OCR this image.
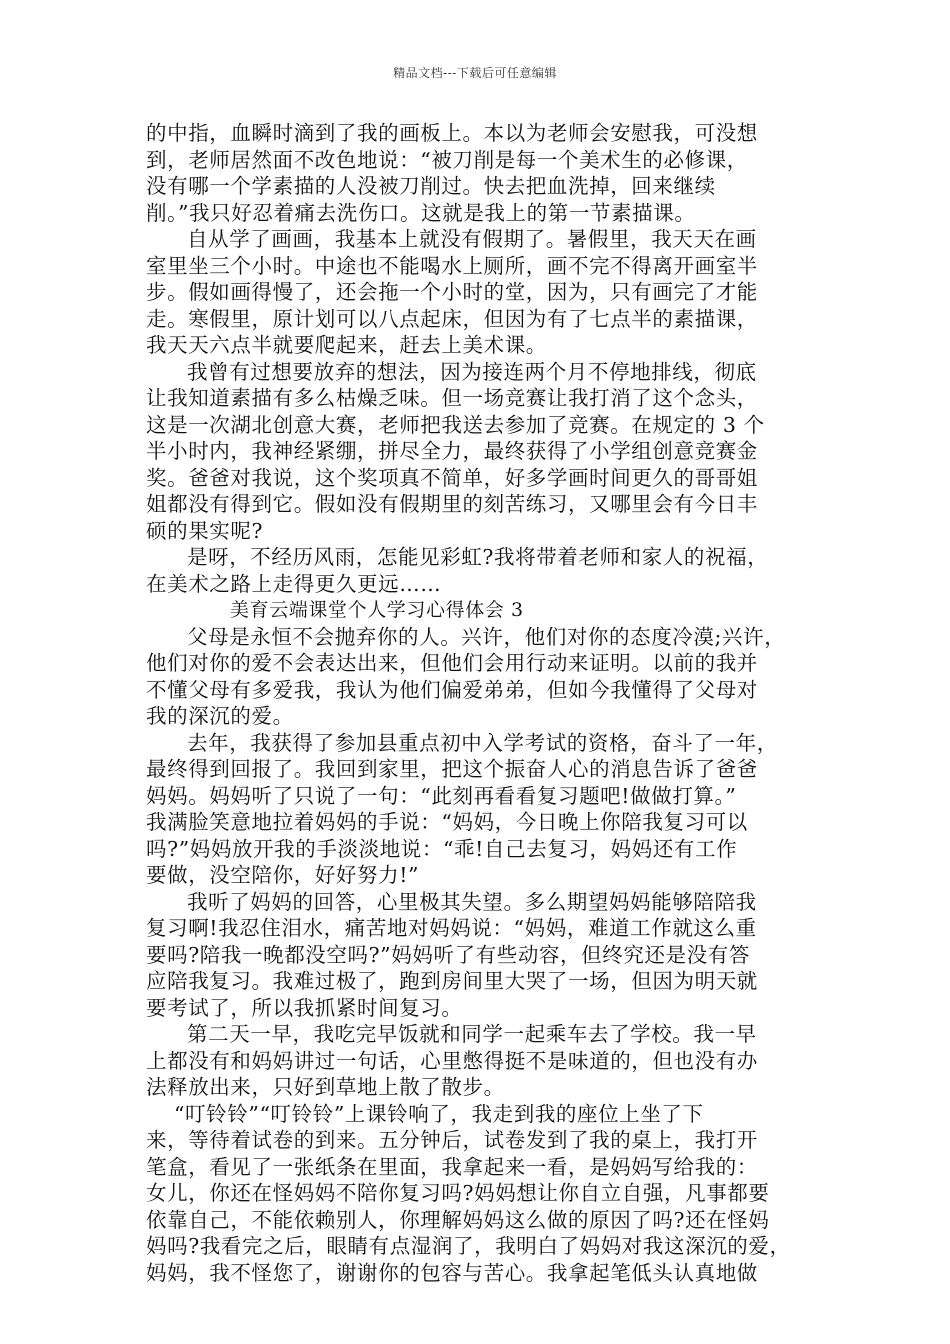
精品文档---下载后可任意编辑
的中指，血瞬时滴到了我的画板上。本以为老师会安慰我，可没想
到，老师居然面不改色地说：“被刀削是每一个美术生的必修课，
没有哪一个学素描的人没被刀削过。快去把血洗掉，回来继续
削。”我只好忍着痛去洗伤口。这就是我上的第一节素描课。
自从学了画画，我基本上就没有假期了。暑假里，我天天在画
室里坐三个小时。中途也不能喝水上厕所，画不完不得离开画室半
步。假如画得慢了，还会拖一个小时的堂，因为，只有画完了才能
走。寒假里，原计划可以八点起床，但因为有了七点半的素描课，
我天天六点半就要爬起来，赶去上美术课。
我曾有过想要放弃的想法，因为接连两个月不停地排线，彻底
让我知道素描有多么枯燥乏味。但一场竞赛让我打消了这个念头，
这是一次湖北创意大赛，老师把我送去参加了竞赛。在规定的 3 个
半小时内，我神经紧绷，拼尽全力，最终获得了小学组创意竞赛金
奖。爸爸对我说，这个奖项真不简单，好多学画时间更久的哥哥姐
姐都没有得到它。假如没有假期里的刻苦练习，又哪里会有今日丰
硕的果实呢?
是呀，不经历风雨，怎能见彩虹?我将带着老师和家人的祝福，
在美术之路上走得更久更远……
美育云端课堂个人学习心得体会 3
父母是永恒不会抛弃你的人。兴许，他们对你的态度冷漠;兴许，
他们对你的爱不会表达出来，但他们会用行动来证明。以前的我并
不懂父母有多爱我，我认为他们偏爱弟弟，但如今我懂得了父母对
我的深沉的爱。
去年，我获得了参加县重点初中入学考试的资格，奋斗了一年，
最终得到回报了。我回到家里，把这个振奋人心的消息告诉了爸爸
妈妈。妈妈听了只说了一句：“此刻再看看复习题吧!做做打算。”
我满脸笑意地拉着妈妈的手说：“妈妈，今日晚上你陪我复习可以
吗?”妈妈放开我的手淡淡地说：“乖!自己去复习，妈妈还有工作
要做，没空陪你，好好努力!”
我听了妈妈的回答，心里极其失望。多么期望妈妈能够陪陪我
复习啊!我忍住泪水，痛苦地对妈妈说：“妈妈，难道工作就这么重
要吗?陪我一晚都没空吗?”妈妈听了有些动容，但终究还是没有答
应陪我复习。我难过极了，跑到房间里大哭了一场，但因为明天就
要考试了，所以我抓紧时间复习。
第二天一早，我吃完早饭就和同学一起乘车去了学校。我一早
上都没有和妈妈讲过一句话，心里憋得挺不是味道的，但也没有办
法释放出来，只好到草地上散了散步。
“叮铃铃”“叮铃铃”上课铃响了，我走到我的座位上坐了下
来，等待着试卷的到来。五分钟后，试卷发到了我的桌上，我打开
笔盒，看见了一张纸条在里面，我拿起来一看，是妈妈写给我的：
女儿，你还在怪妈妈不陪你复习吗?妈妈想让你自立自强，凡事都要
依靠自己，不能依赖别人，你理解妈妈这么做的原因了吗?还在怪妈
妈吗?我看完之后，眼睛有点湿润了，我明白了妈妈对我这深沉的爱，
妈妈，我不怪您了，谢谢你的包容与苦心。我拿起笔低头认真地做
